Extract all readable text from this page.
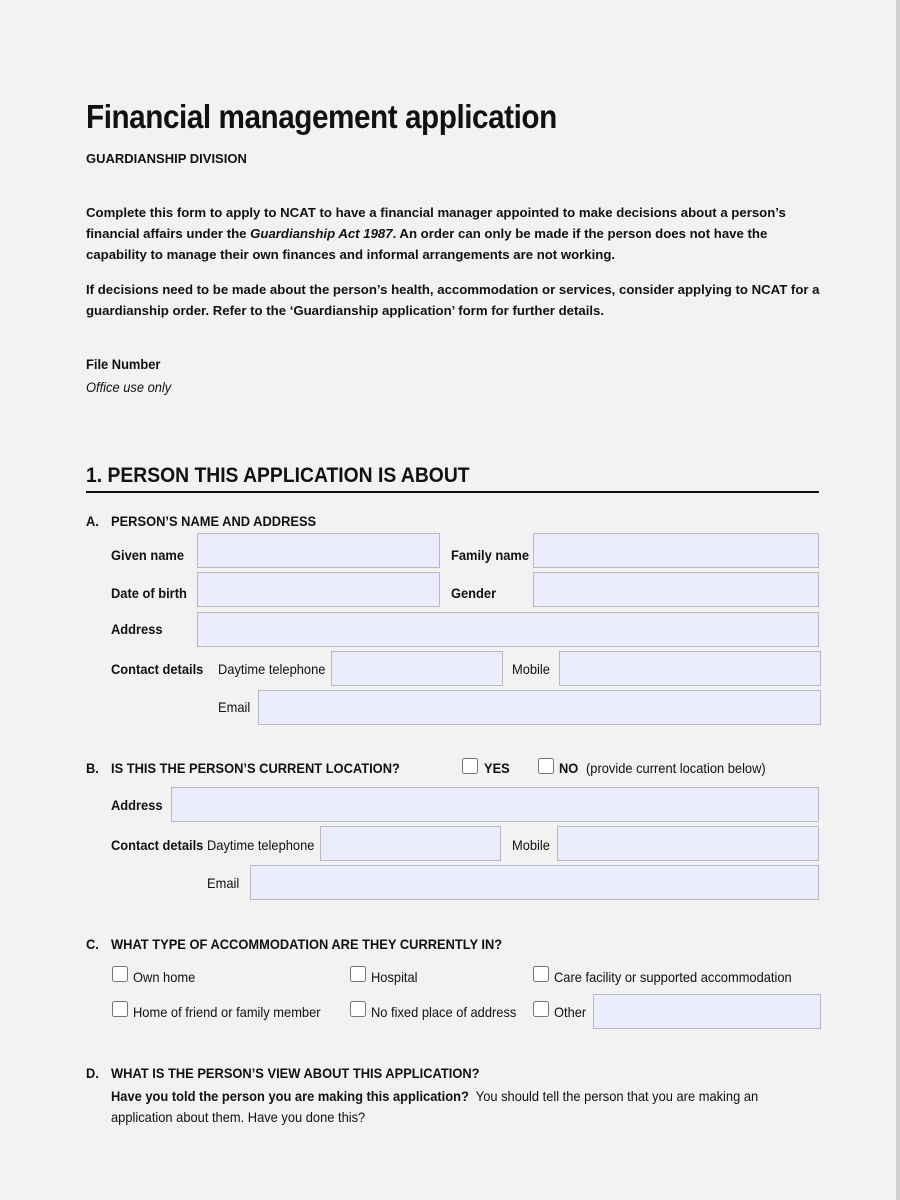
Financial management application
GUARDIANSHIP DIVISION
Complete this form to apply to NCAT to have a financial manager appointed to make decisions about a person’s financial affairs under the Guardianship Act 1987. An order can only be made if the person does not have the capability to manage their own finances and informal arrangements are not working.
If decisions need to be made about the person’s health, accommodation or services, consider applying to NCAT for a guardianship order. Refer to the ‘Guardianship application’ form for further details.
File Number
Office use only
1. PERSON THIS APPLICATION IS ABOUT
A. PERSON’S NAME AND ADDRESS
Given name	Family name
Date of birth	Gender
Address
Contact details Daytime telephone	Mobile
Email
B. IS THIS THE PERSON’S CURRENT LOCATION?	YES	NO (provide current location below)
Address
Contact details Daytime telephone	Mobile
Email
C. WHAT TYPE OF ACCOMMODATION ARE THEY CURRENTLY IN?
Own home	Hospital	Care facility or supported accommodation
Home of friend or family member	No fixed place of address	Other
D. WHAT IS THE PERSON’S VIEW ABOUT THIS APPLICATION?
Have you told the person you are making this application? You should tell the person that you are making an
application about them. Have you done this?
